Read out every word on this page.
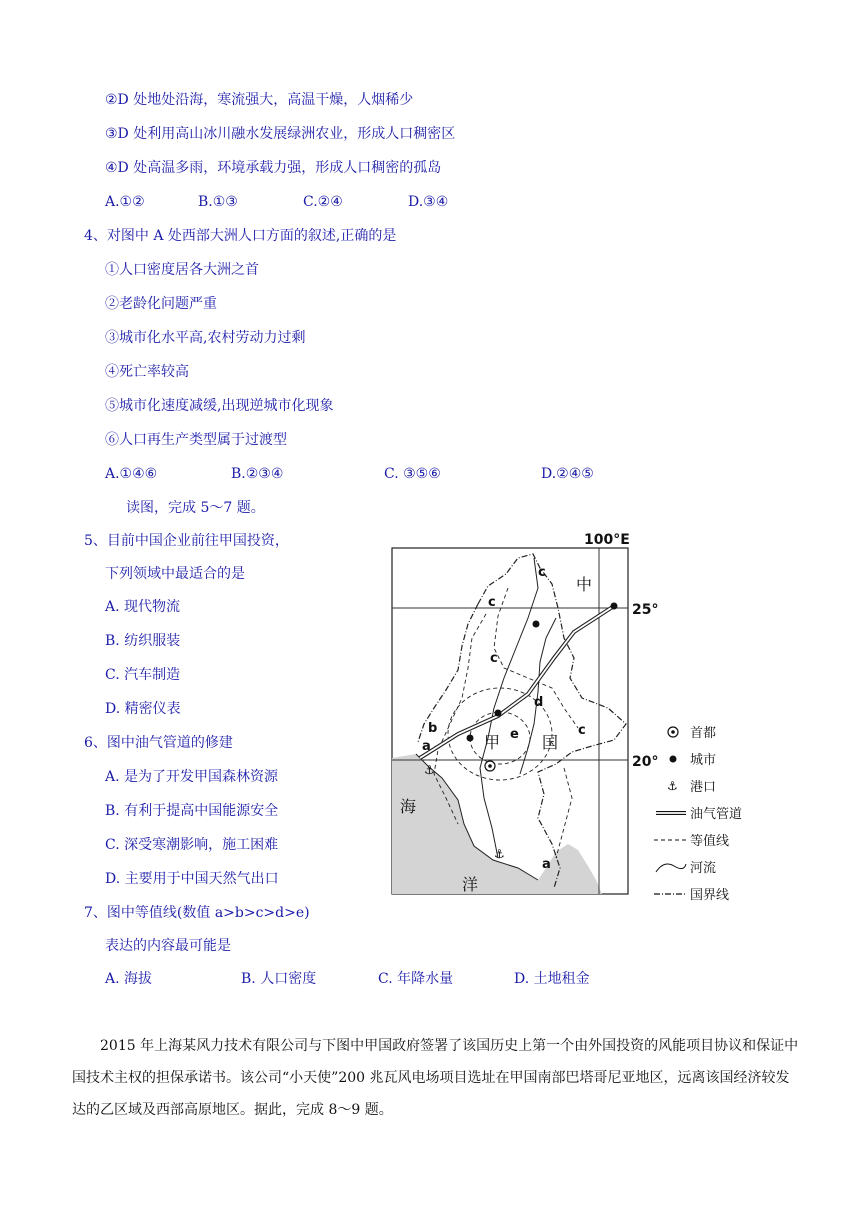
②D 处地处沿海，寒流强大，高温干燥，人烟稀少
③D 处利用高山冰川融水发展绿洲农业，形成人口稠密区
④D 处高温多雨，环境承载力强，形成人口稠密的孤岛
A.①②	B.①③	C.②④	D.③④
4、对图中 A 处西部大洲人口方面的叙述,正确的是
①人口密度居各大洲之首
②老龄化问题严重
③城市化水平高,农村劳动力过剩
④死亡率较高
⑤城市化速度减缓,出现逆城市化现象
⑥人口再生产类型属于过渡型
A.①④⑥	B.②③④	C. ③⑤⑥	D.②④⑤
读图，完成 5～7 题。
5、目前中国企业前往甲国投资，
下列领域中最适合的是
A. 现代物流
B. 纺织服装
C. 汽车制造
D. 精密仪表
6、图中油气管道的修建
A. 是为了开发甲国森林资源
B. 有利于提高中国能源安全
C. 深受寒潮影响，施工困难
D. 主要用于中国天然气出口
7、图中等值线(数值 a>b>c>d>e)
表达的内容最可能是
A. 海拔	B. 人口密度	C. 年降水量	D. 土地租金
2015 年上海某风力技术有限公司与下图中甲国政府签署了该国历史上第一个由外国投资的风能项目协议和保证中国技术主权的担保承诺书。该公司“小天使”200 兆瓦风电场项目选址在甲国南部巴塔哥尼亚地区，远离该国经济较发达的乙区域及西部高原地区。据此，完成 8～9 题。
⚓
⚓
100°E
25°
20°
中
甲	国
海
洋
a
b
c
c
c
d
e	c
a
首都
城市
⚓ 港口
油气管道
等值线
河流
国界线
